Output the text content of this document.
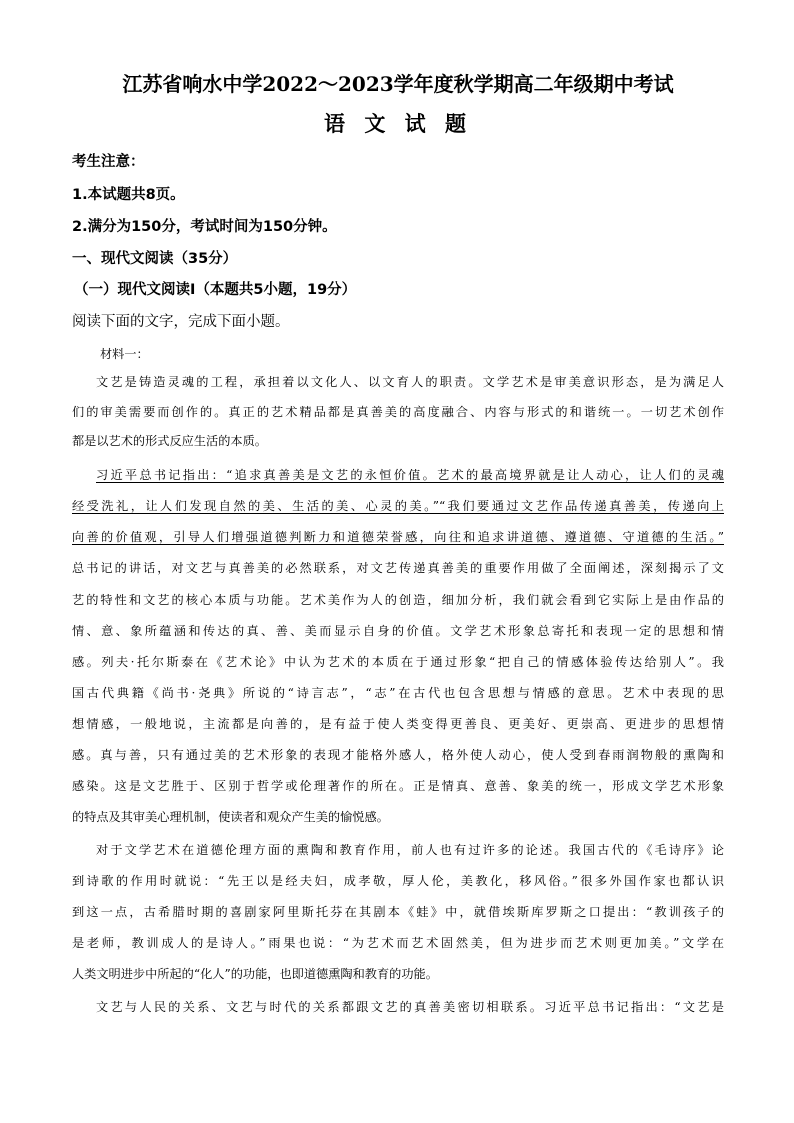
江苏省响水中学2022～2023学年度秋学期高二年级期中考试
语 文 试 题
考生注意：
1.本试题共8页。
2.满分为150分，考试时间为150分钟。
一、现代文阅读（35分）
（一）现代文阅读Ⅰ（本题共5小题，19分）
阅读下面的文字，完成下面小题。
材料一：
文艺是铸造灵魂的工程，承担着以文化人、以文育人的职责。文学艺术是审美意识形态，是为满足人
们的审美需要而创作的。真正的艺术精品都是真善美的高度融合、内容与形式的和谐统一。一切艺术创作
都是以艺术的形式反应生活的本质。
习近平总书记指出：“追求真善美是文艺的永恒价值。艺术的最高境界就是让人动心，让人们的灵魂
经受洗礼，让人们发现自然的美、生活的美、心灵的美。”“我们要通过文艺作品传递真善美，传递向上
向善的价值观，引导人们增强道德判断力和道德荣誉感，向往和追求讲道德、遵道德、守道德的生活。”
总书记的讲话，对文艺与真善美的必然联系，对文艺传递真善美的重要作用做了全面阐述，深刻揭示了文
艺的特性和文艺的核心本质与功能。艺术美作为人的创造，细加分析，我们就会看到它实际上是由作品的
情、意、象所蕴涵和传达的真、善、美而显示自身的价值。文学艺术形象总寄托和表现一定的思想和情
感。列夫·托尔斯泰在《艺术论》中认为艺术的本质在于通过形象“把自己的情感体验传达给别人”。我
国古代典籍《尚书·尧典》所说的“诗言志”，“志”在古代也包含思想与情感的意思。艺术中表现的思
想情感，一般地说，主流都是向善的，是有益于使人类变得更善良、更美好、更崇高、更进步的思想情
感。真与善，只有通过美的艺术形象的表现才能格外感人，格外使人动心，使人受到春雨润物般的熏陶和
感染。这是文艺胜于、区别于哲学或伦理著作的所在。正是情真、意善、象美的统一，形成文学艺术形象
的特点及其审美心理机制，使读者和观众产生美的愉悦感。
对于文学艺术在道德伦理方面的熏陶和教育作用，前人也有过许多的论述。我国古代的《毛诗序》论
到诗歌的作用时就说：“先王以是经夫妇，成孝敬，厚人伦，美教化，移风俗。”很多外国作家也都认识
到这一点，古希腊时期的喜剧家阿里斯托芬在其剧本《蛙》中，就借埃斯库罗斯之口提出：“教训孩子的
是老师，教训成人的是诗人。”雨果也说：“为艺术而艺术固然美，但为进步而艺术则更加美。”文学在
人类文明进步中所起的“化人”的功能，也即道德熏陶和教育的功能。
文艺与人民的关系、文艺与时代的关系都跟文艺的真善美密切相联系。习近平总书记指出：“文艺是
